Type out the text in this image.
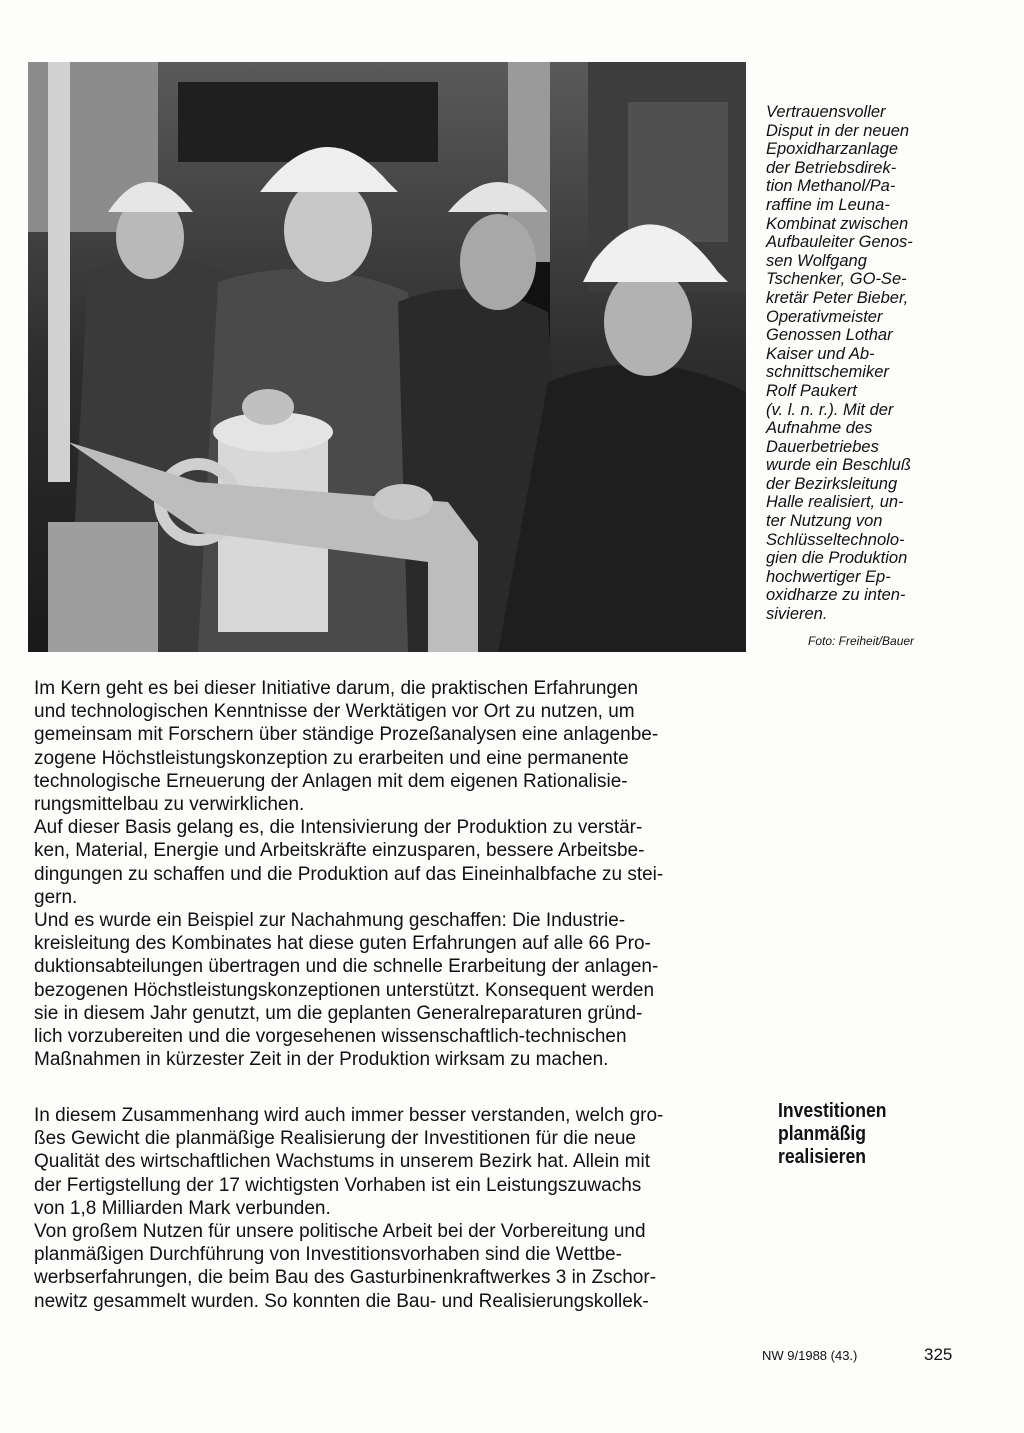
Vertrauensvoller

Disput in der neuen

Epoxidharzanlage

der Betriebsdirek-

tion Methanol/Pa-

raffine im Leuna-

Kombinat zwischen

Aufbauleiter Genos-

sen Wolfgang

Tschenker, GO-Se-

kretär Peter Bieber,

Operativmeister

Genossen Lothar

Kaiser und Ab-

schnittschemiker

Rolf Paukert

(v. l. n. r.). Mit der

Aufnahme des

Dauerbetriebes

wurde ein Beschluß

der Bezirksleitung

Halle realisiert, un-

ter Nutzung von

Schlüsseltechnolo-

gien die Produktion

hochwertiger Ep-

oxidharze zu inten-

sivieren.

Foto: Freiheit/Bauer

Im Kern geht es bei dieser Initiative darum, die praktischen Erfahrungen

und technologischen Kenntnisse der Werktätigen vor Ort zu nutzen, um

gemeinsam mit Forschern über ständige Prozeßanalysen eine anlagenbe-

zogene Höchstleistungskonzeption zu erarbeiten und eine permanente

technologische Erneuerung der Anlagen mit dem eigenen Rationalisie-

rungsmittelbau zu verwirklichen.

Auf dieser Basis gelang es, die Intensivierung der Produktion zu verstär-

ken, Material, Energie und Arbeitskräfte einzusparen, bessere Arbeitsbe-

dingungen zu schaffen und die Produktion auf das Eineinhalbfache zu stei-

gern.

Und es wurde ein Beispiel zur Nachahmung geschaffen: Die Industrie-

kreisleitung des Kombinates hat diese guten Erfahrungen auf alle 66 Pro-

duktionsabteilungen übertragen und die schnelle Erarbeitung der anlagen-

bezogenen Höchstleistungskonzeptionen unterstützt. Konsequent werden

sie in diesem Jahr genutzt, um die geplanten Generalreparaturen gründ-

lich vorzubereiten und die vorgesehenen wissenschaftlich-technischen

Maßnahmen in kürzester Zeit in der Produktion wirksam zu machen.

Investitionen
planmäßig
realisieren

In diesem Zusammenhang wird auch immer besser verstanden, welch gro-

ßes Gewicht die planmäßige Realisierung der Investitionen für die neue

Qualität des wirtschaftlichen Wachstums in unserem Bezirk hat. Allein mit

der Fertigstellung der 17 wichtigsten Vorhaben ist ein Leistungszuwachs

von 1,8 Milliarden Mark verbunden.

Von großem Nutzen für unsere politische Arbeit bei der Vorbereitung und

planmäßigen Durchführung von Investitionsvorhaben sind die Wettbe-

werbserfahrungen, die beim Bau des Gasturbinenkraftwerkes 3 in Zschor-

newitz gesammelt wurden. So konnten die Bau- und Realisierungskollek-

NW 9/1988 (43.)	325
